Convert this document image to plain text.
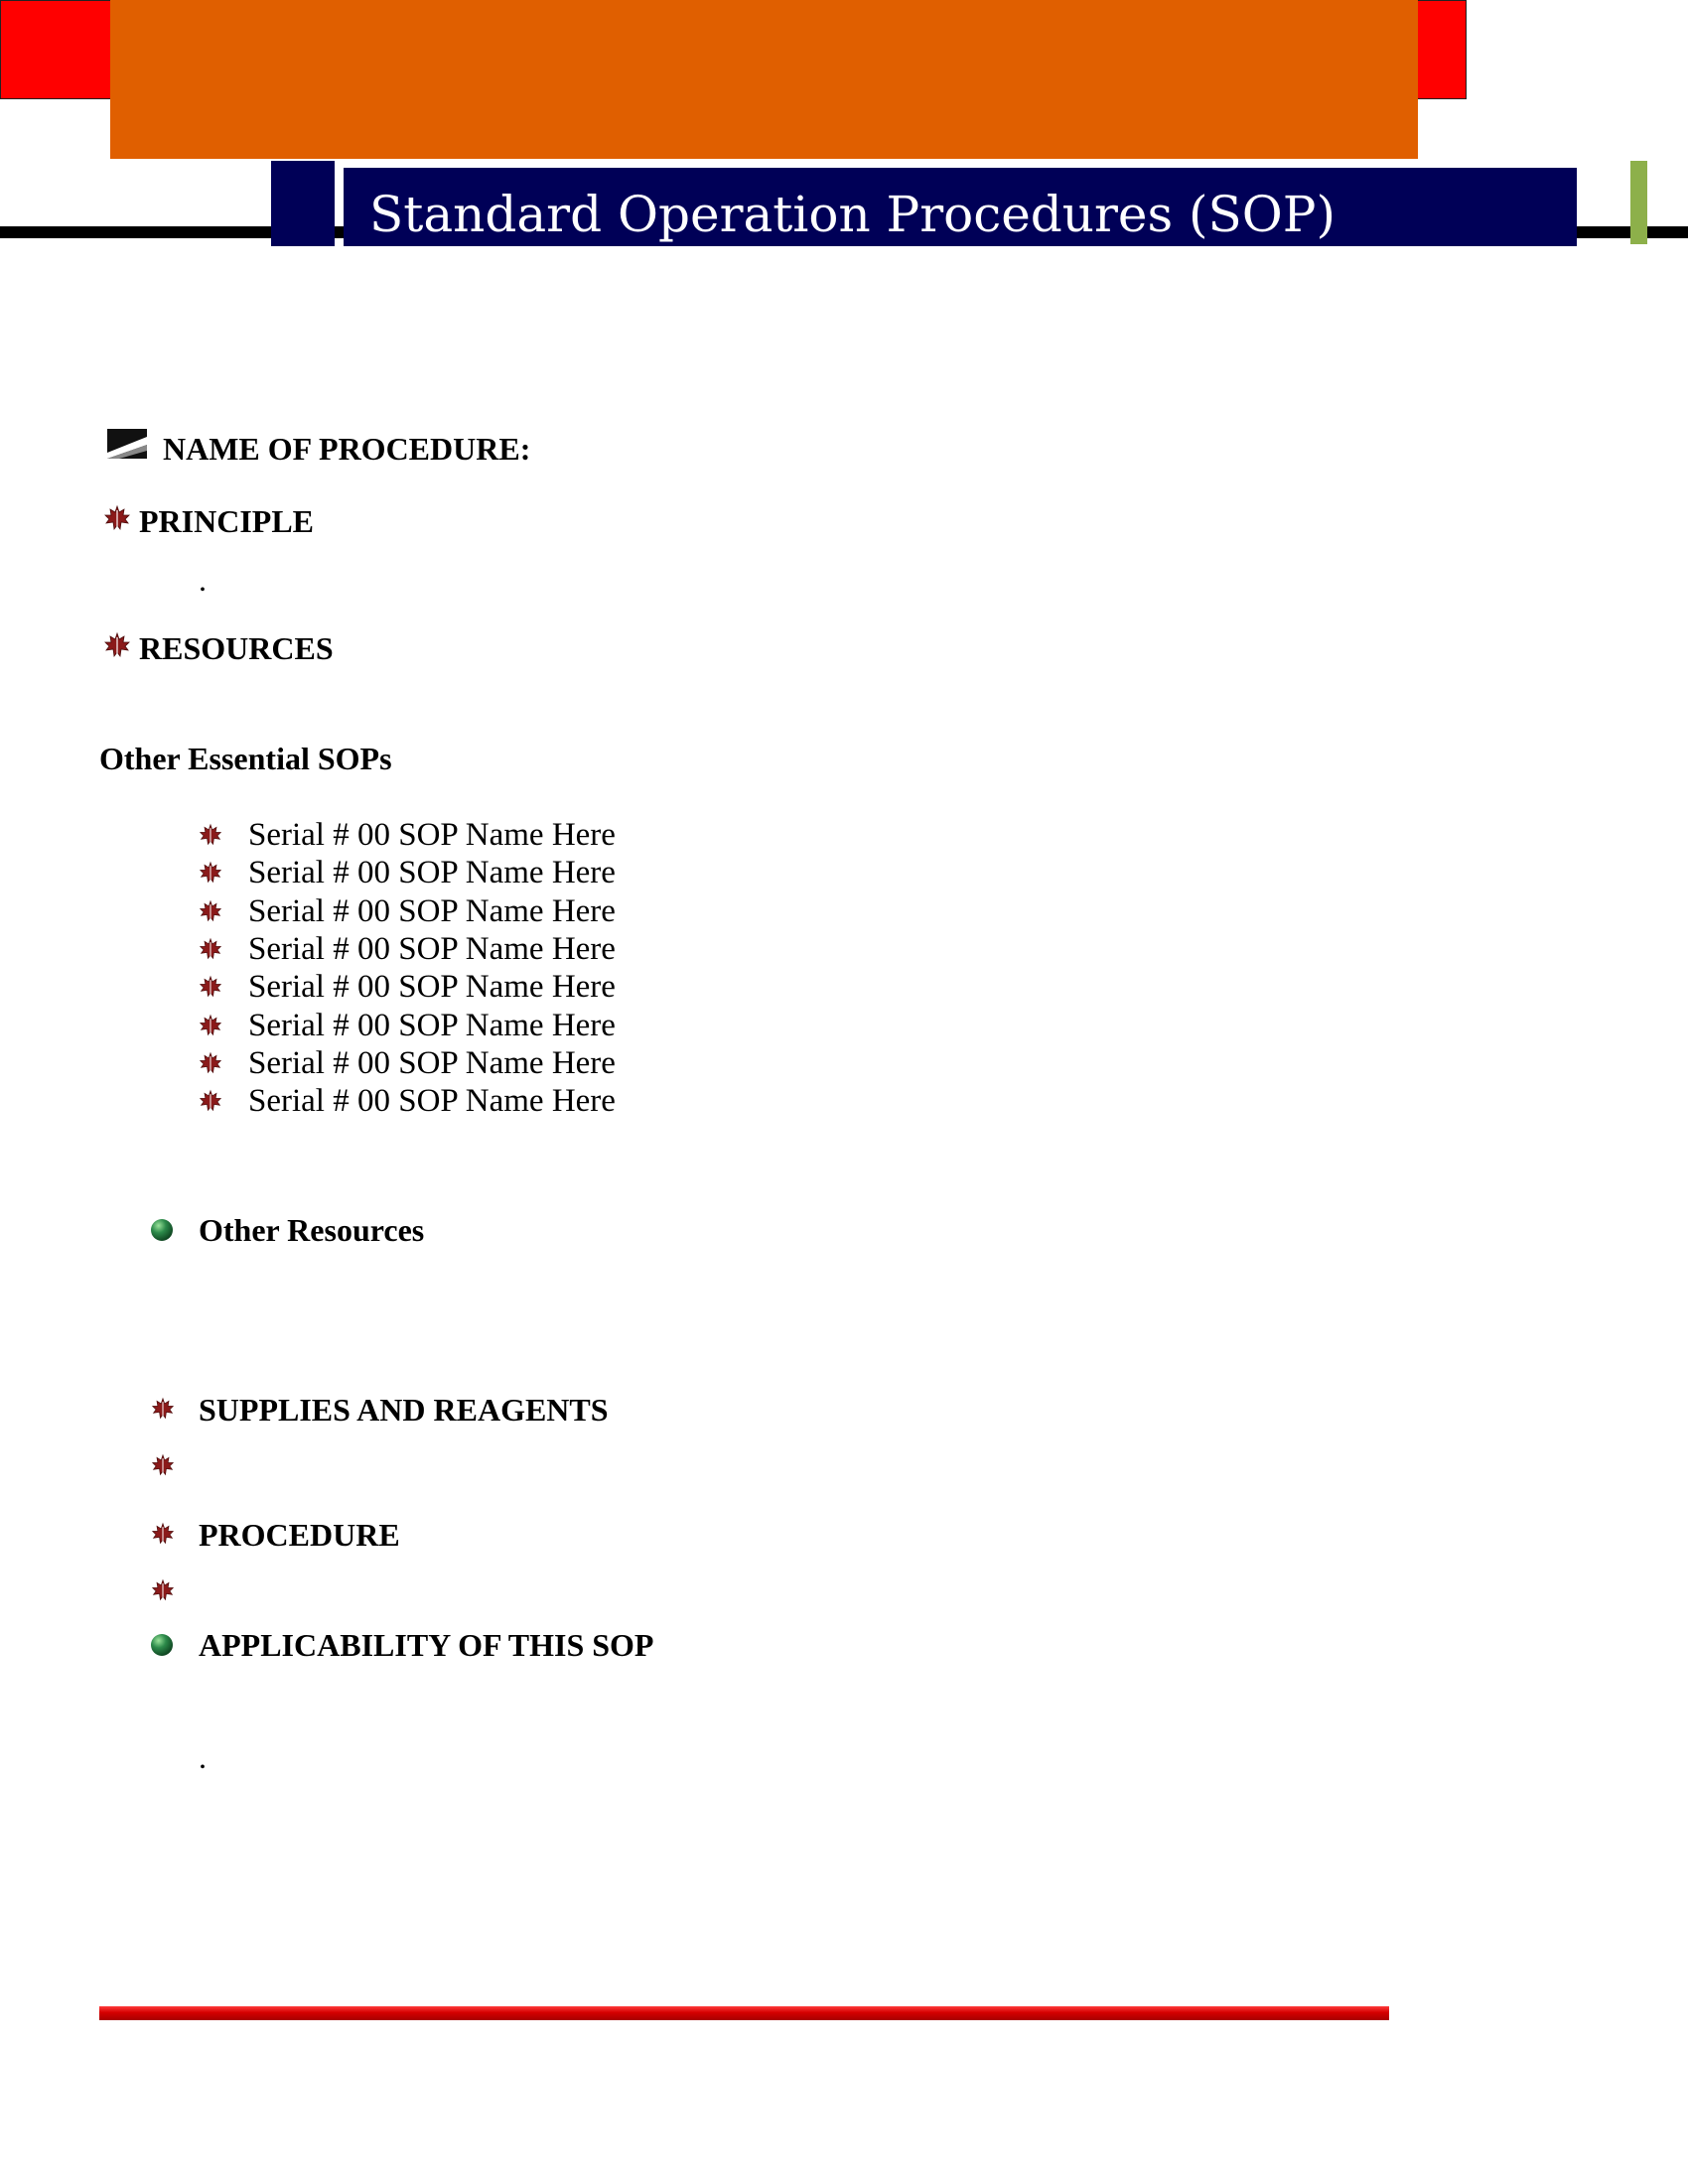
Standard Operation Procedures (SOP)
NAME OF PROCEDURE:
PRINCIPLE
.
RESOURCES
Other Essential SOPs
Serial # 00 SOP Name Here
Serial # 00 SOP Name Here
Serial # 00 SOP Name Here
Serial # 00 SOP Name Here
Serial # 00 SOP Name Here
Serial # 00 SOP Name Here
Serial # 00 SOP Name Here
Serial # 00 SOP Name Here
Other Resources
SUPPLIES AND REAGENTS
PROCEDURE
APPLICABILITY OF THIS SOP
.
